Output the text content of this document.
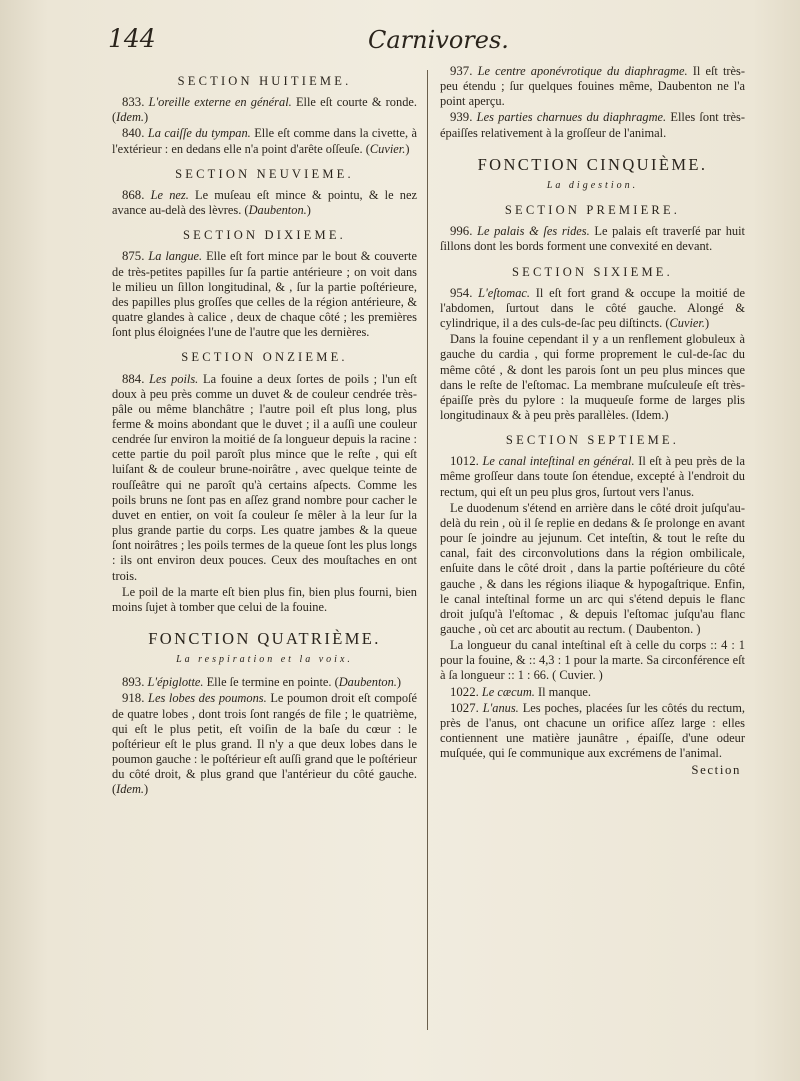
144	Carnivores.
SECTION HUITIEME.

833. L'oreille externe en général. Elle eſt courte & ronde. (Idem.)

840. La caiſſe du tympan. Elle eſt comme dans la civette, à l'extérieur : en dedans elle n'a point d'arête oſſeuſe. (Cuvier.)

SECTION NEUVIEME.

868. Le nez. Le muſeau eſt mince & pointu, & le nez avance au-delà des lèvres. (Daubenton.)

SECTION DIXIEME.

875. La langue. Elle eſt fort mince par le bout & couverte de très-petites papilles ſur ſa partie antérieure ; on voit dans le milieu un ſillon longitudinal, & , ſur la partie poſtérieure, des papilles plus groſſes que celles de la région antérieure, & quatre glandes à calice , deux de chaque côté ; les premières ſont plus éloignées l'une de l'autre que les dernières.

SECTION ONZIEME.

884. Les poils. La fouine a deux ſortes de poils ; l'un eſt doux à peu près comme un duvet & de couleur cendrée très-pâle ou même blanchâtre ; l'autre poil eſt plus long, plus ferme & moins abondant que le duvet ; il a auſſi une couleur cendrée ſur environ la moitié de ſa longueur depuis la racine : cette partie du poil paroît plus mince que le reſte , qui eſt luiſant & de couleur brune-noirâtre , avec quelque teinte de rouſſeâtre qui ne paroît qu'à certains aſpects. Comme les poils bruns ne ſont pas en aſſez grand nombre pour cacher le duvet en entier, on voit ſa couleur ſe mêler à la leur ſur la plus grande partie du corps. Les quatre jambes & la queue ſont noirâtres ; les poils termes de la queue ſont les plus longs : ils ont environ deux pouces. Ceux des mouſtaches en ont trois.

Le poil de la marte eſt bien plus fin, bien plus fourni, bien moins ſujet à tomber que celui de la fouine.

FONCTION QUATRIÈME.
La respiration et la voix.

893. L'épiglotte. Elle ſe termine en pointe. (Daubenton.)

918. Les lobes des poumons. Le poumon droit eſt compoſé de quatre lobes , dont trois ſont rangés de file ; le quatrième, qui eſt le plus petit, eſt voiſin de la baſe du cœur : le poſtérieur eſt le plus grand. Il n'y a que deux lobes dans le poumon gauche : le poſtérieur eſt auſſi grand que le poſtérieur du côté droit, & plus grand que l'antérieur du côté gauche. (Idem.)

937. Le centre aponévrotique du diaphragme. Il eſt très-peu étendu ; ſur quelques fouines même, Daubenton ne l'a point aperçu.

939. Les parties charnues du diaphragme. Elles ſont très-épaiſſes relativement à la groſſeur de l'animal.

FONCTION CINQUIÈME.
La digestion.
SECTION PREMIERE.

996. Le palais & ſes rides. Le palais eſt traverſé par huit ſillons dont les bords forment une convexité en devant.

SECTION SIXIEME.

954. L'eſtomac. Il eſt fort grand & occupe la moitié de l'abdomen, ſurtout dans le côté gauche. Alongé & cylindrique, il a des culs-de-ſac peu diſtincts. (Cuvier.)

Dans la fouine cependant il y a un renflement globuleux à gauche du cardia , qui forme proprement le cul-de-ſac du même côté , & dont les parois ſont un peu plus minces que dans le reſte de l'eſtomac. La membrane muſculeuſe eſt très-épaiſſe près du pylore : la muqueuſe forme de larges plis longitudinaux & à peu près parallèles. (Idem.)

SECTION SEPTIEME.

1012. Le canal inteſtinal en général. Il eſt à peu près de la même groſſeur dans toute ſon étendue, excepté à l'endroit du rectum, qui eſt un peu plus gros, ſurtout vers l'anus.

Le duodenum s'étend en arrière dans le côté droit juſqu'au-delà du rein , où il ſe replie en dedans & ſe prolonge en avant pour ſe joindre au jejunum. Cet inteſtin, & tout le reſte du canal, fait des circonvolutions dans la région ombilicale, enſuite dans le côté droit , dans la partie poſtérieure du côté gauche , & dans les régions iliaque & hypogaſtrique. Enfin, le canal inteſtinal forme un arc qui s'étend depuis le flanc droit juſqu'à l'eſtomac , & depuis l'eſtomac juſqu'au flanc gauche , où cet arc aboutit au rectum. ( Daubenton. )

La longueur du canal inteſtinal eſt à celle du corps :: 4 : 1 pour la fouine, & :: 4,3 : 1 pour la marte. Sa circonférence eſt à ſa longueur :: 1 : 66. ( Cuvier. )

1022. Le cæcum. Il manque.

1027. L'anus. Les poches, placées ſur les côtés du rectum, près de l'anus, ont chacune un orifice aſſez large : elles contiennent une matière jaunâtre , épaiſſe, d'une odeur muſquée, qui ſe communique aux excrémens de l'animal.

Section
